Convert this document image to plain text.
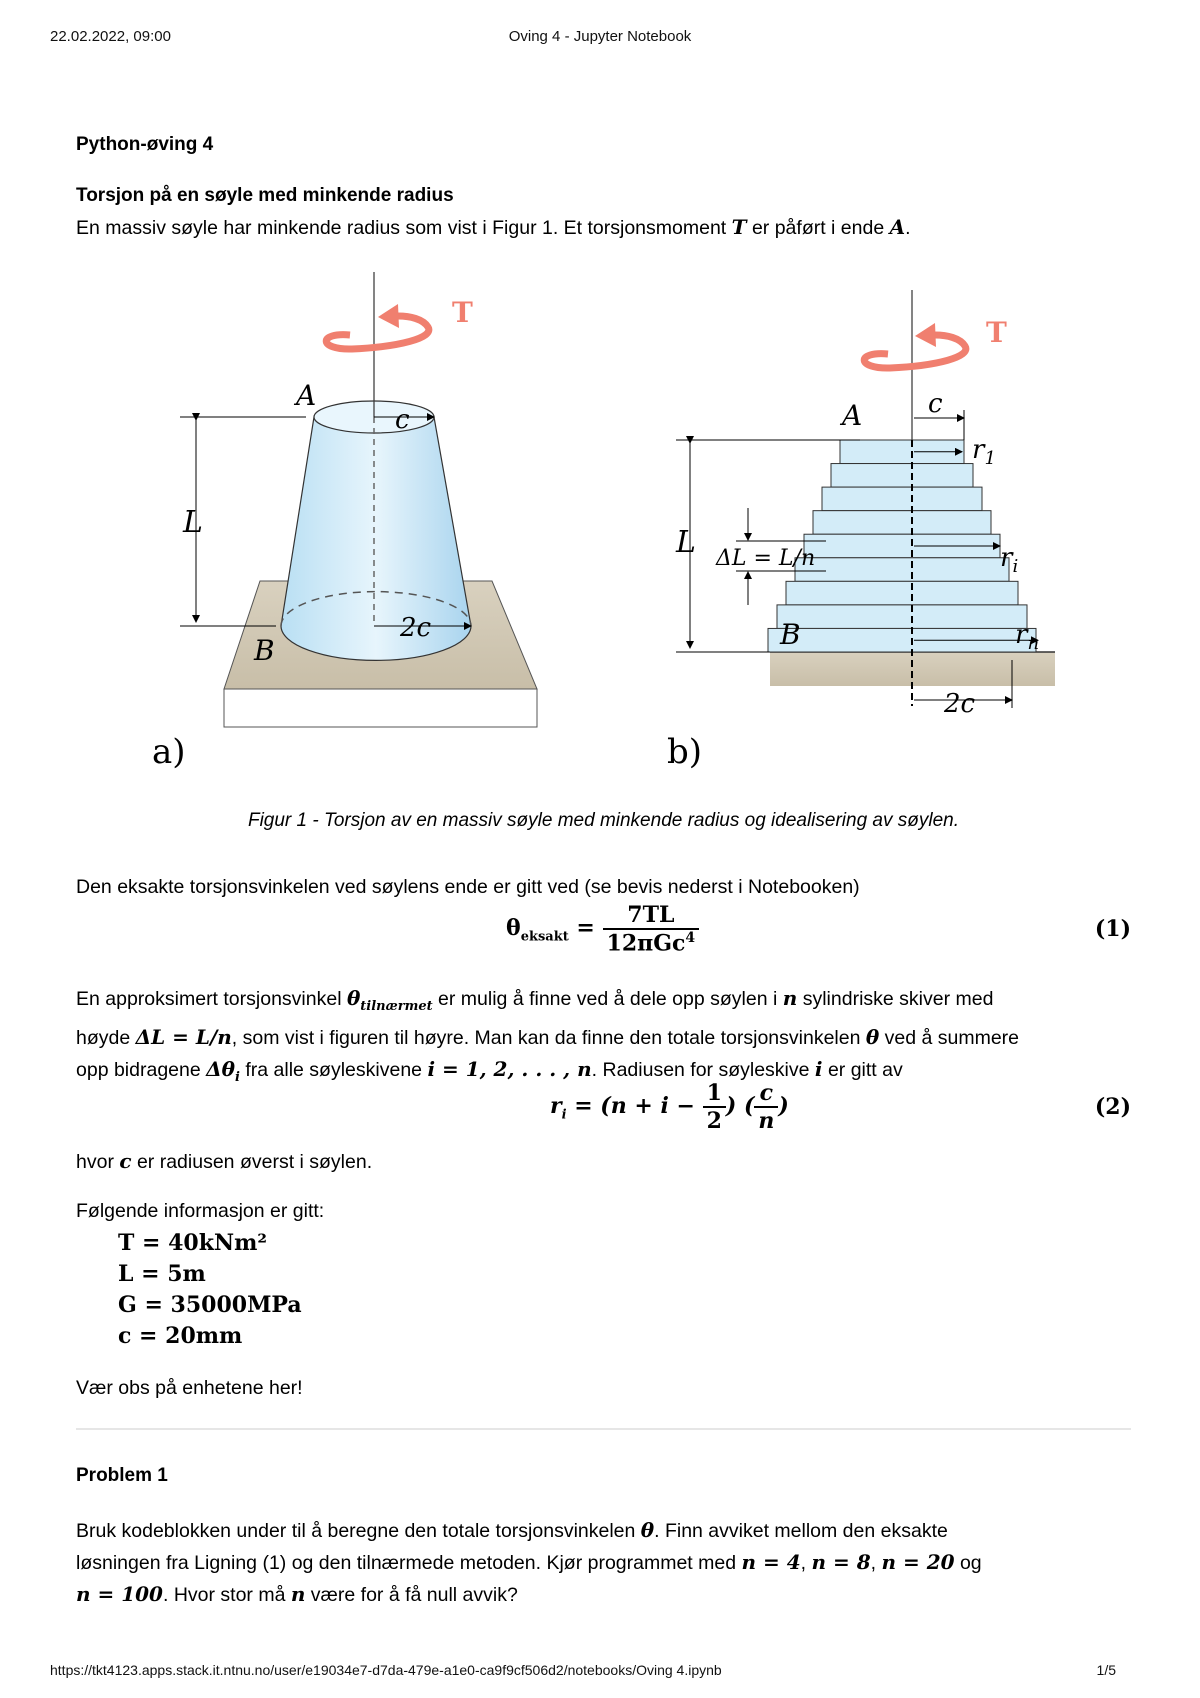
22.02.2022, 09:00	Oving 4 - Jupyter Notebook
Python-øving 4
Torsjon på en søyle med minkende radius
En massiv søyle har minkende radius som vist i Figur 1. Et torsjonsmoment T er påført i ende A.
T
A
c
L
2c
B
a)
T
A	c
L ΔL = L/n
B
$r_1$
$r_i$
$r_n$
2c
b)
Figur 1 - Torsjon av en massiv søyle med minkende radius og idealisering av søylen.
Den eksakte torsjonsvinkelen ved søylens ende er gitt ved (se bevis nederst i Notebooken)
$\theta_{eksakt} = \frac{7TL}{12\pi Gc^4}$	(1)
En approksimert torsjonsvinkel $\theta_{tilnærmet}$ er mulig å finne ved å dele opp søylen i n sylindriske skiver med
høyde ΔL = L/n, som vist i figuren til høyre. Man kan da finne den totale torsjonsvinkelen θ ved å summere
opp bidragene $\Delta\theta_i$ fra alle søyleskivene i = 1, 2, . . . , n. Radiusen for søyleskive i er gitt av
$r_i = (n + i - \frac{1}{2}$ ) ( $\frac{c}{n}$ )	(2)
hvor c er radiusen øverst i søylen.
Følgende informasjon er gitt:
T = 40kNm²
L = 5m
G = 35000MPa
c = 20mm
Vær obs på enhetene her!
Problem 1
Bruk kodeblokken under til å beregne den totale torsjonsvinkelen θ. Finn avviket mellom den eksakte
løsningen fra Ligning (1) og den tilnærmede metoden. Kjør programmet med n = 4, n = 8, n = 20 og
n = 100. Hvor stor må n være for å få null avvik?
https://tkt4123.apps.stack.it.ntnu.no/user/e19034e7-d7da-479e-a1e0-ca9f9cf506d2/notebooks/Oving 4.ipynb	1/5
